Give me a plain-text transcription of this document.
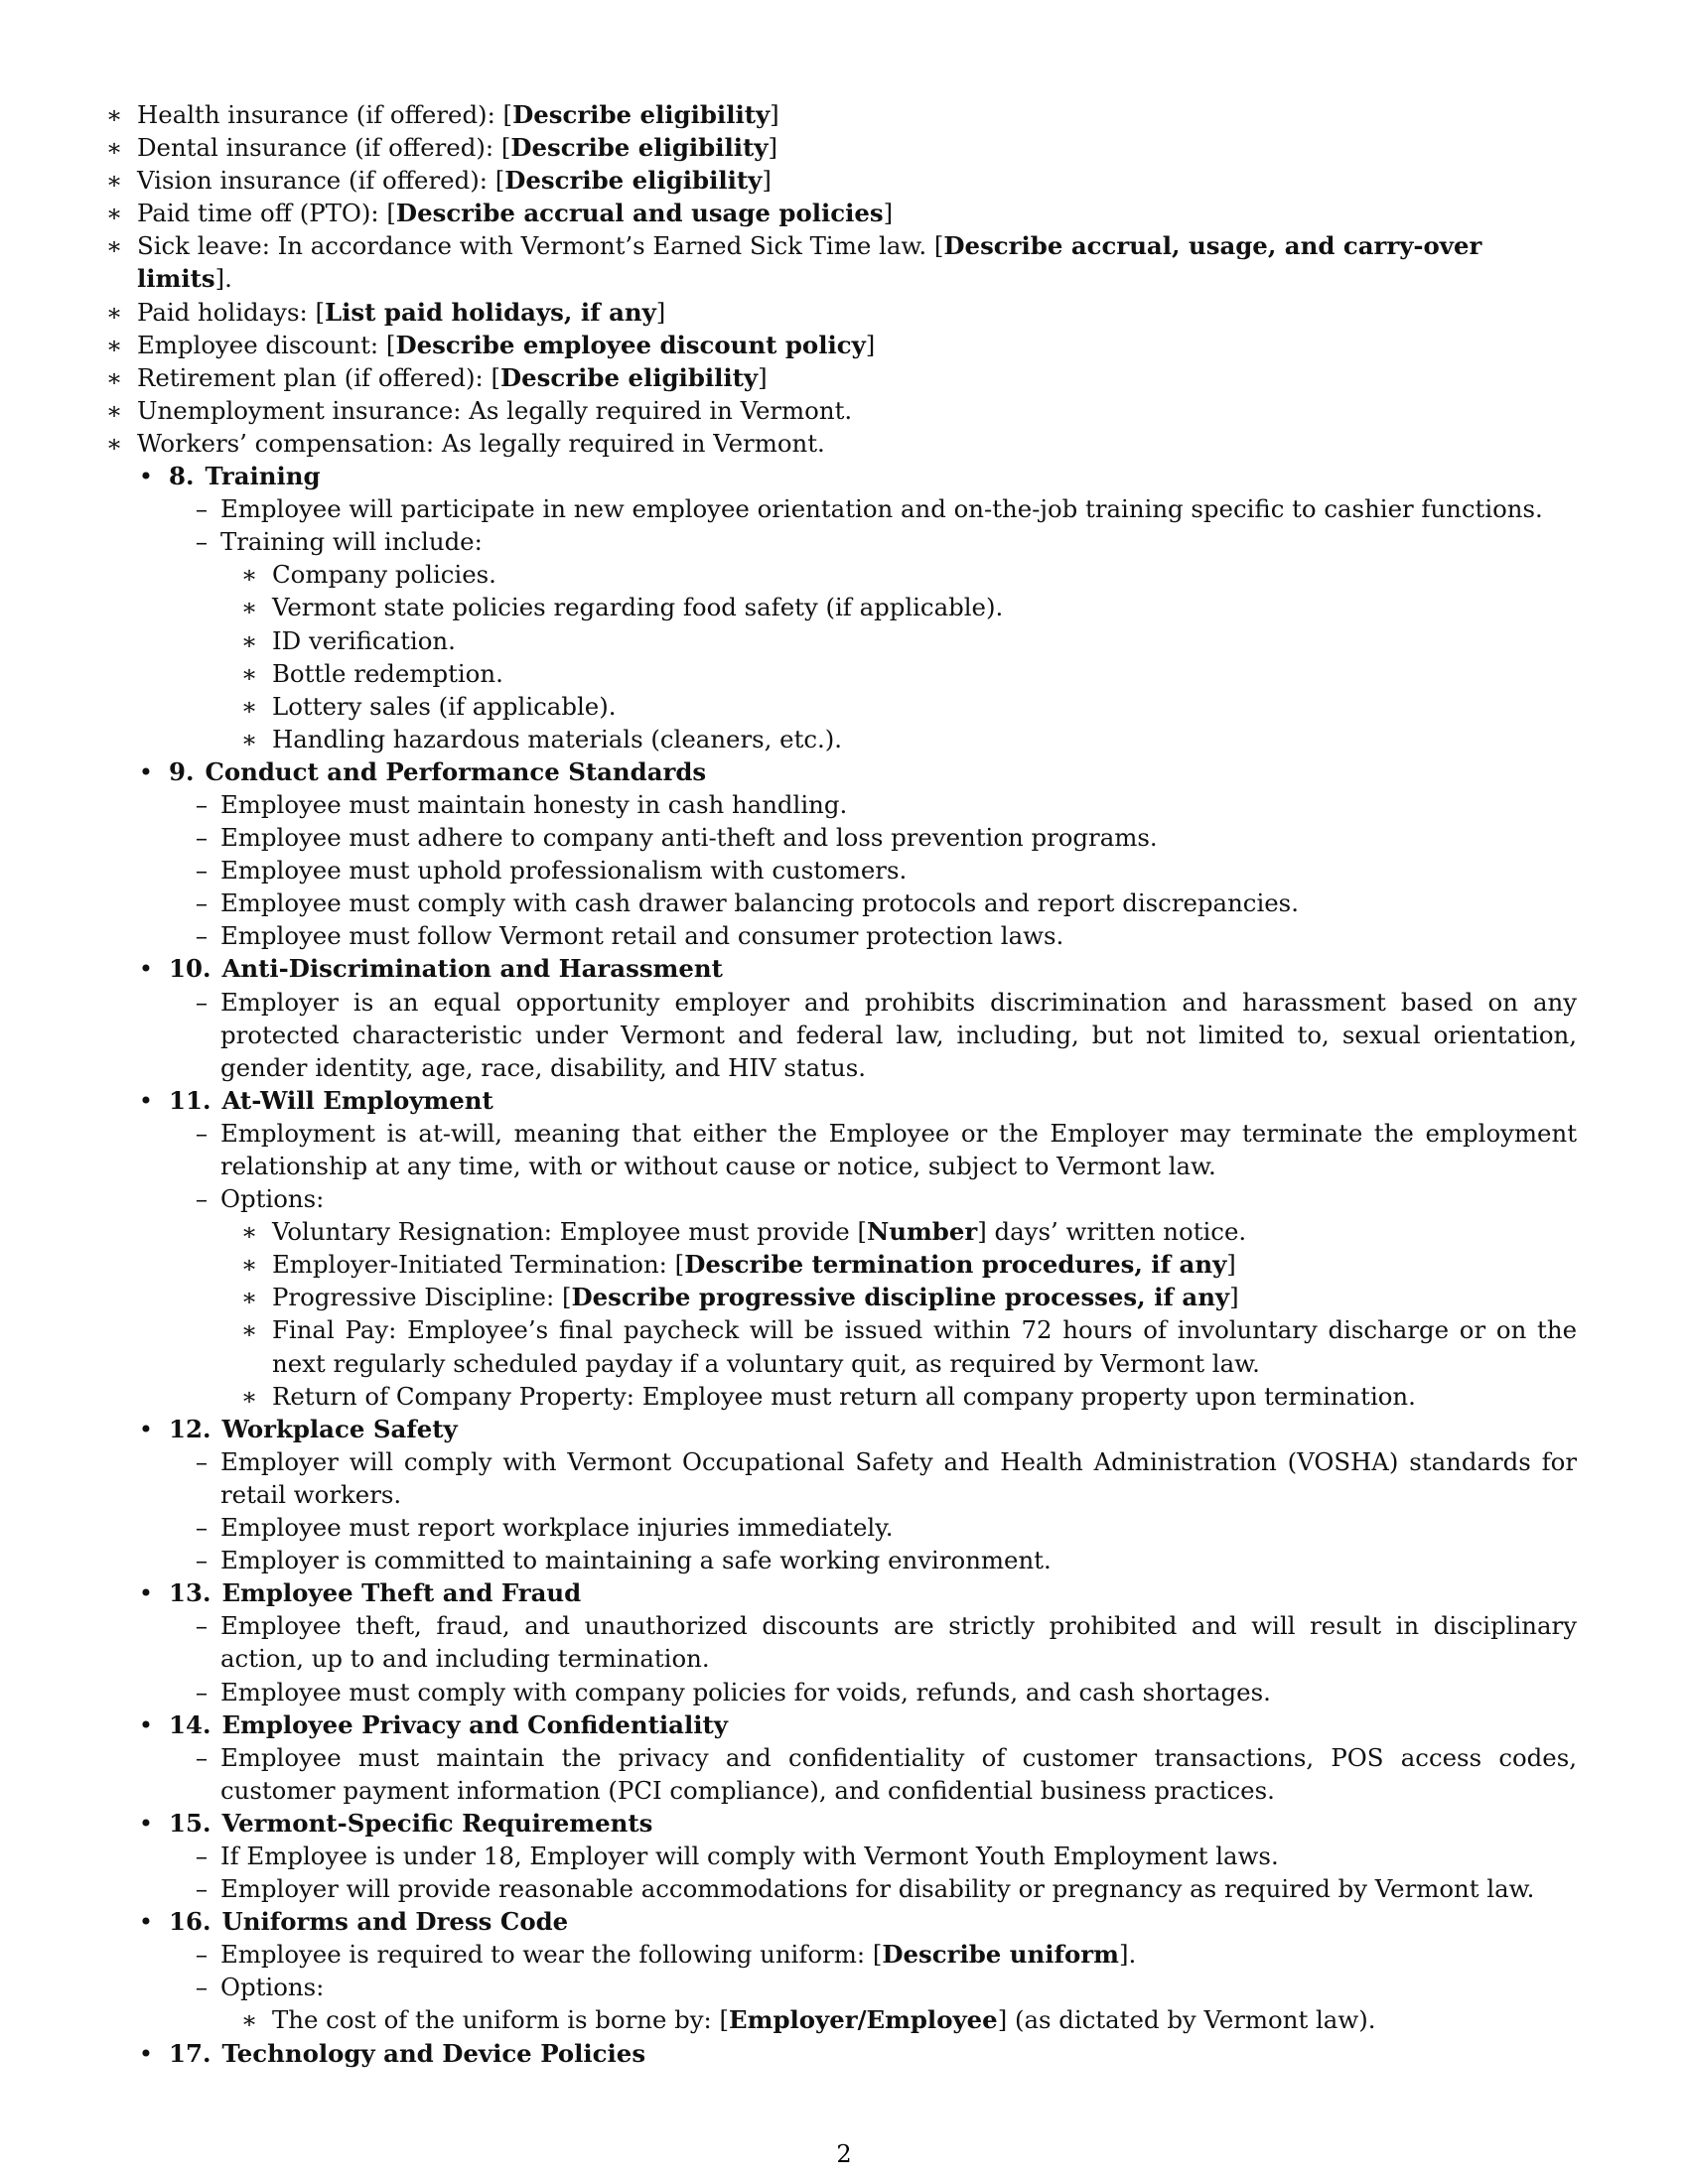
∗ Health insurance (if offered): [Describe eligibility]
∗ Dental insurance (if offered): [Describe eligibility]
∗ Vision insurance (if offered): [Describe eligibility]
∗ Paid time off (PTO): [Describe accrual and usage policies]
∗ Sick leave: In accordance with Vermont’s Earned Sick Time law. [Describe accrual, usage, and carry-over limits].
∗ Paid holidays: [List paid holidays, if any]
∗ Employee discount: [Describe employee discount policy]
∗ Retirement plan (if offered): [Describe eligibility]
∗ Unemployment insurance: As legally required in Vermont.
∗ Workers’ compensation: As legally required in Vermont.
• 8. Training
– Employee will participate in new employee orientation and on-the-job training specific to cashier functions.
– Training will include:
∗ Company policies.
∗ Vermont state policies regarding food safety (if applicable).
∗ ID verification.
∗ Bottle redemption.
∗ Lottery sales (if applicable).
∗ Handling hazardous materials (cleaners, etc.).
• 9. Conduct and Performance Standards
– Employee must maintain honesty in cash handling.
– Employee must adhere to company anti-theft and loss prevention programs.
– Employee must uphold professionalism with customers.
– Employee must comply with cash drawer balancing protocols and report discrepancies.
– Employee must follow Vermont retail and consumer protection laws.
• 10. Anti-Discrimination and Harassment
– Employer is an equal opportunity employer and prohibits discrimination and harassment based on any protected characteristic under Vermont and federal law, including, but not limited to, sexual orientation, gender identity, age, race, disability, and HIV status.
• 11. At-Will Employment
– Employment is at-will, meaning that either the Employee or the Employer may terminate the employment relationship at any time, with or without cause or notice, subject to Vermont law.
– Options:
∗ Voluntary Resignation: Employee must provide [Number] days’ written notice.
∗ Employer-Initiated Termination: [Describe termination procedures, if any]
∗ Progressive Discipline: [Describe progressive discipline processes, if any]
∗ Final Pay: Employee’s final paycheck will be issued within 72 hours of involuntary discharge or on the next regularly scheduled payday if a voluntary quit, as required by Vermont law.
∗ Return of Company Property: Employee must return all company property upon termination.
• 12. Workplace Safety
– Employer will comply with Vermont Occupational Safety and Health Administration (VOSHA) standards for retail workers.
– Employee must report workplace injuries immediately.
– Employer is committed to maintaining a safe working environment.
• 13. Employee Theft and Fraud
– Employee theft, fraud, and unauthorized discounts are strictly prohibited and will result in disciplinary action, up to and including termination.
– Employee must comply with company policies for voids, refunds, and cash shortages.
• 14. Employee Privacy and Confidentiality
– Employee must maintain the privacy and confidentiality of customer transactions, POS access codes, customer payment information (PCI compliance), and confidential business practices.
• 15. Vermont-Specific Requirements
– If Employee is under 18, Employer will comply with Vermont Youth Employment laws.
– Employer will provide reasonable accommodations for disability or pregnancy as required by Vermont law.
• 16. Uniforms and Dress Code
– Employee is required to wear the following uniform: [Describe uniform].
– Options:
∗ The cost of the uniform is borne by: [Employer/Employee] (as dictated by Vermont law).
• 17. Technology and Device Policies
2
